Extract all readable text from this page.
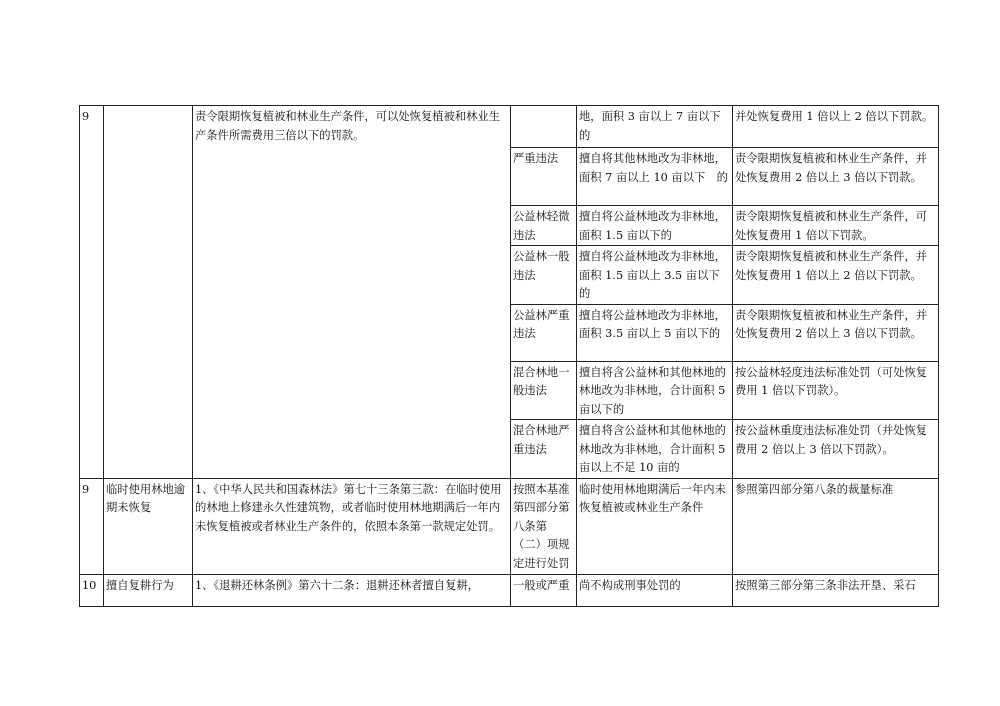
9		责令限期恢复植被和林业生产条件，可以处恢复植被和林业生产条件所需费用三倍以下的罚款。		地，面积 3 亩以上 7 亩以下的	并处恢复费用 1 倍以上 2 倍以下罚款。
			严重违法	擅自将其他林地改为非林地，面积 7 亩以上 10 亩以下　的	责令限期恢复植被和林业生产条件，并处恢复费用 2 倍以上 3 倍以下罚款。
			公益林轻微违法	擅自将公益林地改为非林地，面积 1.5 亩以下的	责令限期恢复植被和林业生产条件，可处恢复费用 1 倍以下罚款。
			公益林一般违法	擅自将公益林地改为非林地，面积 1.5 亩以上 3.5 亩以下的	责令限期恢复植被和林业生产条件，并处恢复费用 1 倍以上 2 倍以下罚款。
			公益林严重违法	擅自将公益林地改为非林地，面积 3.5 亩以上 5 亩以下的	责令限期恢复植被和林业生产条件，并处恢复费用 2 倍以上 3 倍以下罚款。
			混合林地一般违法	擅自将含公益林和其他林地的林地改为非林地，合计面积 5 亩以下的	按公益林轻度违法标准处罚（可处恢复费用 1 倍以下罚款）。
			混合林地严重违法	擅自将含公益林和其他林地的林地改为非林地，合计面积 5 亩以上不足 10 亩的	按公益林重度违法标准处罚（并处恢复费用 2 倍以上 3 倍以下罚款）。
9	临时使用林地逾期未恢复	1、《中华人民共和国森林法》第七十三条第三款：在临时使用的林地上修建永久性建筑物，或者临时使用林地期满后一年内未恢复植被或者林业生产条件的，依照本条第一款规定处罚。	按照本基准第四部分第八条第（二）项规定进行处罚	临时使用林地期满后一年内未恢复植被或林业生产条件	参照第四部分第八条的裁量标准
10	擅自复耕行为	1、《退耕还林条例》第六十二条：退耕还林者擅自复耕，	一般或严重	尚不构成刑事处罚的	按照第三部分第三条非法开垦、采石
